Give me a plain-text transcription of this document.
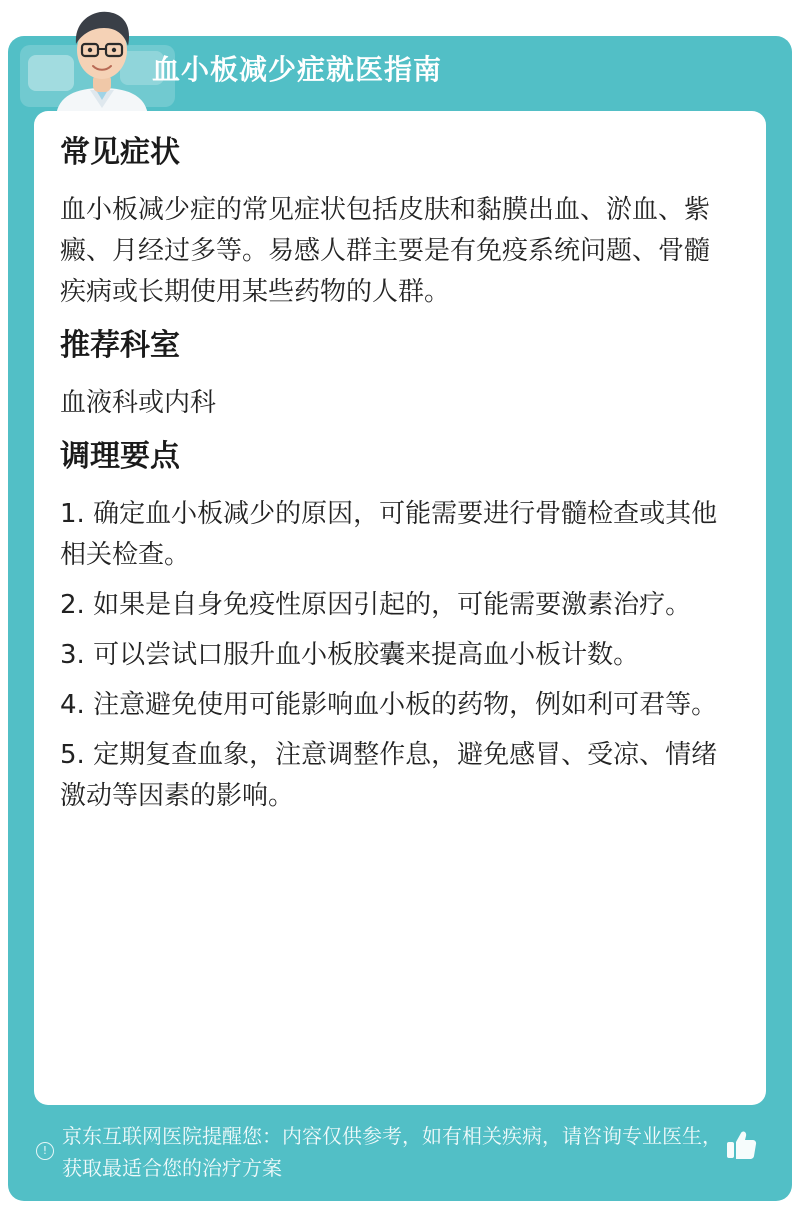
血小板减少症就医指南
常见症状
血小板减少症的常见症状包括皮肤和黏膜出血、淤血、紫癜、月经过多等。易感人群主要是有免疫系统问题、骨髓疾病或长期使用某些药物的人群。
推荐科室
血液科或内科
调理要点
1. 确定血小板减少的原因，可能需要进行骨髓检查或其他相关检查。
2. 如果是自身免疫性原因引起的，可能需要激素治疗。
3. 可以尝试口服升血小板胶囊来提高血小板计数。
4. 注意避免使用可能影响血小板的药物，例如利可君等。
5. 定期复查血象，注意调整作息，避免感冒、受凉、情绪激动等因素的影响。
!
京东互联网医院提醒您：内容仅供参考，如有相关疾病，请咨询专业医生，获取最适合您的治疗方案
